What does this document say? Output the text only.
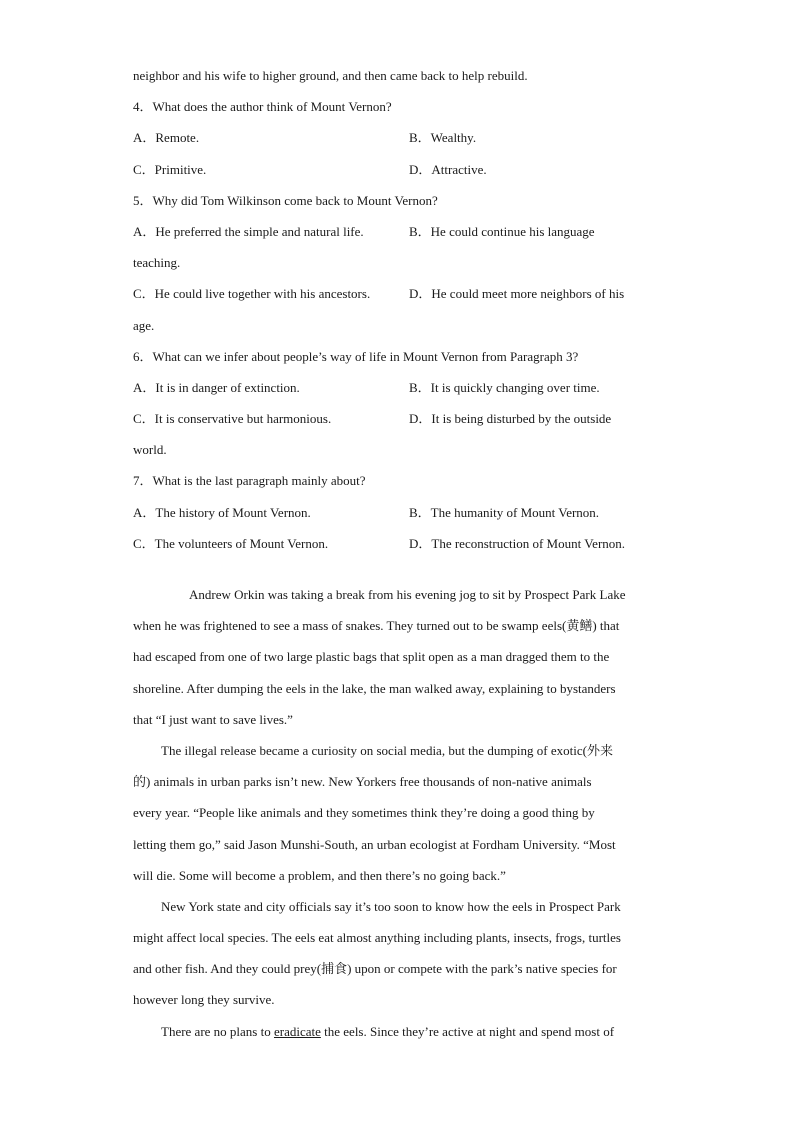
neighbor and his wife to higher ground, and then came back to help rebuild.
4．What does the author think of Mount Vernon?
A．Remote.	B．Wealthy.
C．Primitive.	D．Attractive.
5．Why did Tom Wilkinson come back to Mount Vernon?
A．He preferred the simple and natural life.	B．He could continue his language
teaching.
C．He could live together with his ancestors.	D．He could meet more neighbors of his
age.
6．What can we infer about people’s way of life in Mount Vernon from Paragraph 3?
A．It is in danger of extinction.	B．It is quickly changing over time.
C．It is conservative but harmonious.	D．It is being disturbed by the outside
world.
7．What is the last paragraph mainly about?
A．The history of Mount Vernon.	B．The humanity of Mount Vernon.
C．The volunteers of Mount Vernon.	D．The reconstruction of Mount Vernon.
Andrew Orkin was taking a break from his evening jog to sit by Prospect Park Lake
when he was frightened to see a mass of snakes. They turned out to be swamp eels(黄鳝) that
had escaped from one of two large plastic bags that split open as a man dragged them to the
shoreline. After dumping the eels in the lake, the man walked away, explaining to bystanders
that “I just want to save lives.”
The illegal release became a curiosity on social media, but the dumping of exotic(外来
的) animals in urban parks isn’t new. New Yorkers free thousands of non-native animals
every year. “People like animals and they sometimes think they’re doing a good thing by
letting them go,” said Jason Munshi-South, an urban ecologist at Fordham University. “Most
will die. Some will become a problem, and then there’s no going back.”
New York state and city officials say it’s too soon to know how the eels in Prospect Park
might affect local species. The eels eat almost anything including plants, insects, frogs, turtles
and other fish. And they could prey(捕食) upon or compete with the park’s native species for
however long they survive.
There are no plans to eradicate the eels. Since they’re active at night and spend most of
